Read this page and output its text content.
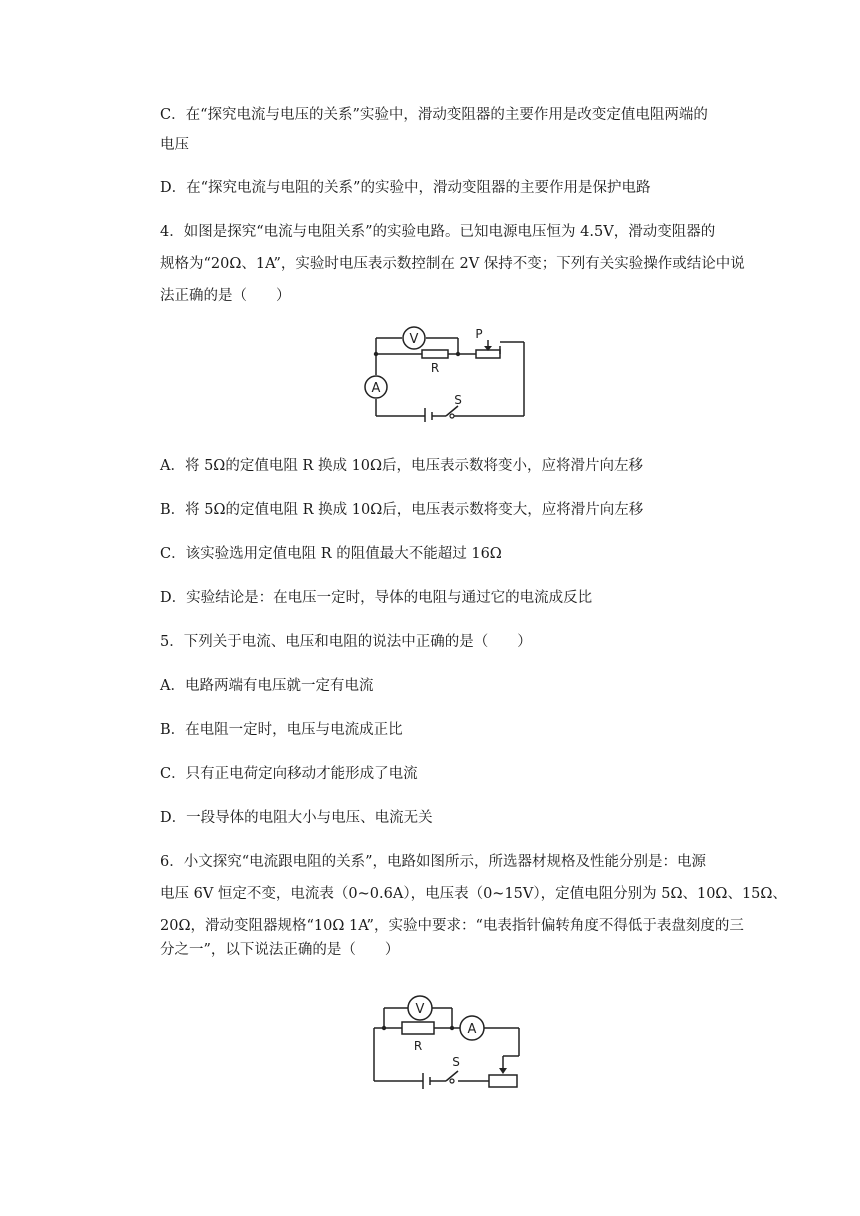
C．在“探究电流与电压的关系”实验中，滑动变阻器的主要作用是改变定值电阻两端的
电压
D．在“探究电流与电阻的关系”的实验中，滑动变阻器的主要作用是保护电路
4．如图是探究“电流与电阻关系”的实验电路。已知电源电压恒为 4.5V，滑动变阻器的
规格为“20Ω、1A”，实验时电压表示数控制在 2V 保持不变；下列有关实验操作或结论中说
法正确的是（　　）
V
A
R
P
S
A．将 5Ω的定值电阻 R 换成 10Ω后，电压表示数将变小，应将滑片向左移
B．将 5Ω的定值电阻 R 换成 10Ω后，电压表示数将变大，应将滑片向左移
C．该实验选用定值电阻 R 的阻值最大不能超过 16Ω
D．实验结论是：在电压一定时，导体的电阻与通过它的电流成反比
5．下列关于电流、电压和电阻的说法中正确的是（　　）
A．电路两端有电压就一定有电流
B．在电阻一定时，电压与电流成正比
C．只有正电荷定向移动才能形成了电流
D．一段导体的电阻大小与电压、电流无关
6．小文探究“电流跟电阻的关系”，电路如图所示，所选器材规格及性能分别是：电源
电压 6V 恒定不变，电流表（0~0.6A），电压表（0~15V），定值电阻分别为 5Ω、10Ω、15Ω、
20Ω，滑动变阻器规格“10Ω 1A”，实验中要求：“电表指针偏转角度不得低于表盘刻度的三
分之一”，以下说法正确的是（　　）
V
A
R
S
